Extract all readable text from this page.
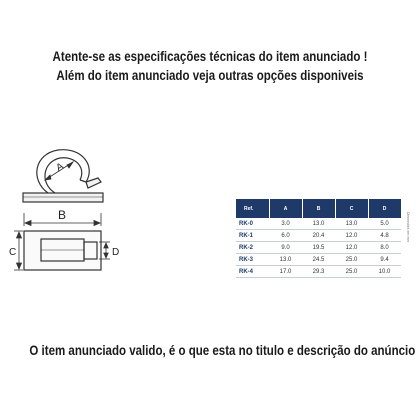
Atente-se as especificações técnicas do item anunciado !
Além do item anunciado veja outras opções disponiveis
A
B
C	D
Ref.	A	B	C	D
RK-0	3.0	13.0	13.0	5.0
RK-1	6.0	20.4	12.0	4.8
RK-2	9.0	19.5	12.0	8.0
RK-3	13.0	24.5	25.0	9.4
RK-4	17.0	29.3	25.0	10.0
Dimensões em mm
O item anunciado valido, é o que esta no titulo e descrição do anúncio
